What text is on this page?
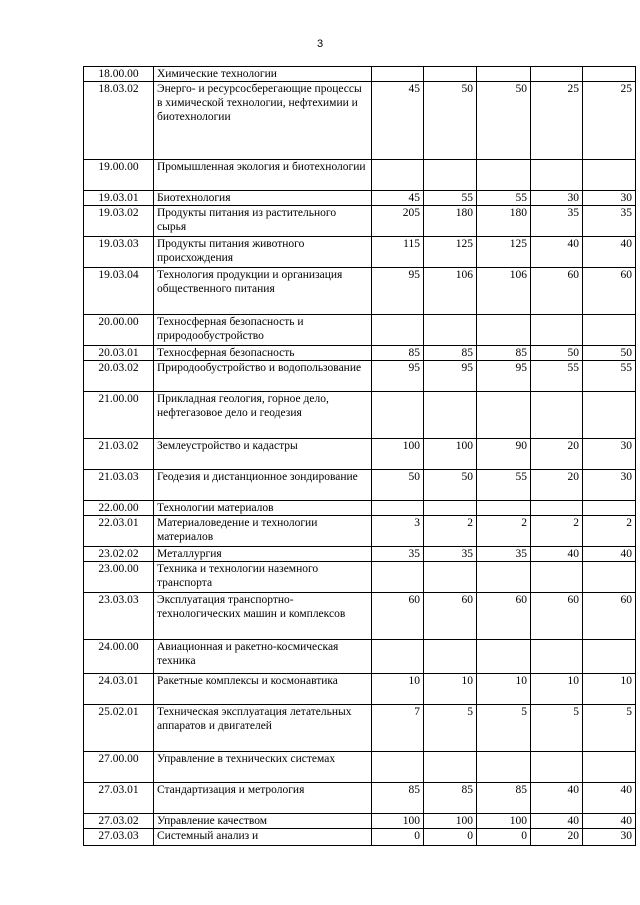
3
18.00.00	Химические технологии					
18.03.02	Энерго- и ресурсосберегающие процессы в химической технологии, нефтехимии и биотехнологии	45	50	50	25	25
19.00.00	Промышленная экология и биотехнологии					
19.03.01	Биотехнология	45	55	55	30	30
19.03.02	Продукты питания из растительного сырья	205	180	180	35	35
19.03.03	Продукты питания животного происхождения	115	125	125	40	40
19.03.04	Технология продукции и организация общественного питания	95	106	106	60	60
20.00.00	Техносферная безопасность и природообустройство					
20.03.01	Техносферная безопасность	85	85	85	50	50
20.03.02	Природообустройство и водопользование	95	95	95	55	55
21.00.00	Прикладная геология, горное дело, нефтегазовое дело и геодезия					
21.03.02	Землеустройство и кадастры	100	100	90	20	30
21.03.03	Геодезия и дистанционное зондирование	50	50	55	20	30
22.00.00	Технологии материалов					
22.03.01	Материаловедение и технологии материалов	3	2	2	2	2
23.02.02	Металлургия	35	35	35	40	40
23.00.00	Техника и технологии наземного транспорта					
23.03.03	Эксплуатация транспортно-технологических машин и комплексов	60	60	60	60	60
24.00.00	Авиационная и ракетно-космическая техника					
24.03.01	Ракетные комплексы и космонавтика	10	10	10	10	10
25.02.01	Техническая эксплуатация летательных аппаратов и двигателей	7	5	5	5	5
27.00.00	Управление в технических системах					
27.03.01	Стандартизация и метрология	85	85	85	40	40
27.03.02	Управление качеством	100	100	100	40	40
27.03.03	Системный анализ и	0	0	0	20	30
